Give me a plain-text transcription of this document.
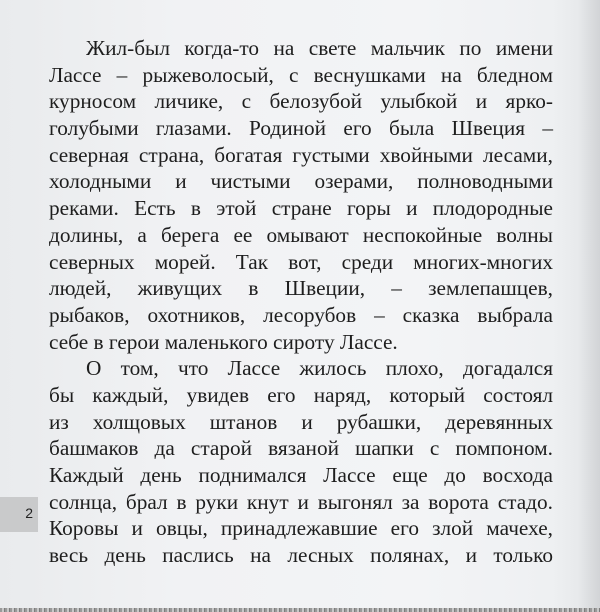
Жил-был когда-то на свете мальчик по имени
Лассе – рыжеволосый, с веснушками на бледном
курносом личике, с белозубой улыбкой и ярко-
голубыми глазами. Родиной его была Швеция –
северная страна, богатая густыми хвойными лесами,
холодными и чистыми озерами, полноводными
реками. Есть в этой стране горы и плодородные
долины, а берега ее омывают неспокойные волны
северных морей. Так вот, среди многих-многих
людей, живущих в Швеции, – землепашцев,
рыбаков, охотников, лесорубов – сказка выбрала
себе в герои маленького сироту Лассе.
О том, что Лассе жилось плохо, догадался
бы каждый, увидев его наряд, который состоял
из холщовых штанов и рубашки, деревянных
башмаков да старой вязаной шапки с помпоном.
Каждый день поднимался Лассе еще до восхода
солнца, брал в руки кнут и выгонял за ворота стадо.
Коровы и овцы, принадлежавшие его злой мачехе,
весь день паслись на лесных полянах, и только
2
